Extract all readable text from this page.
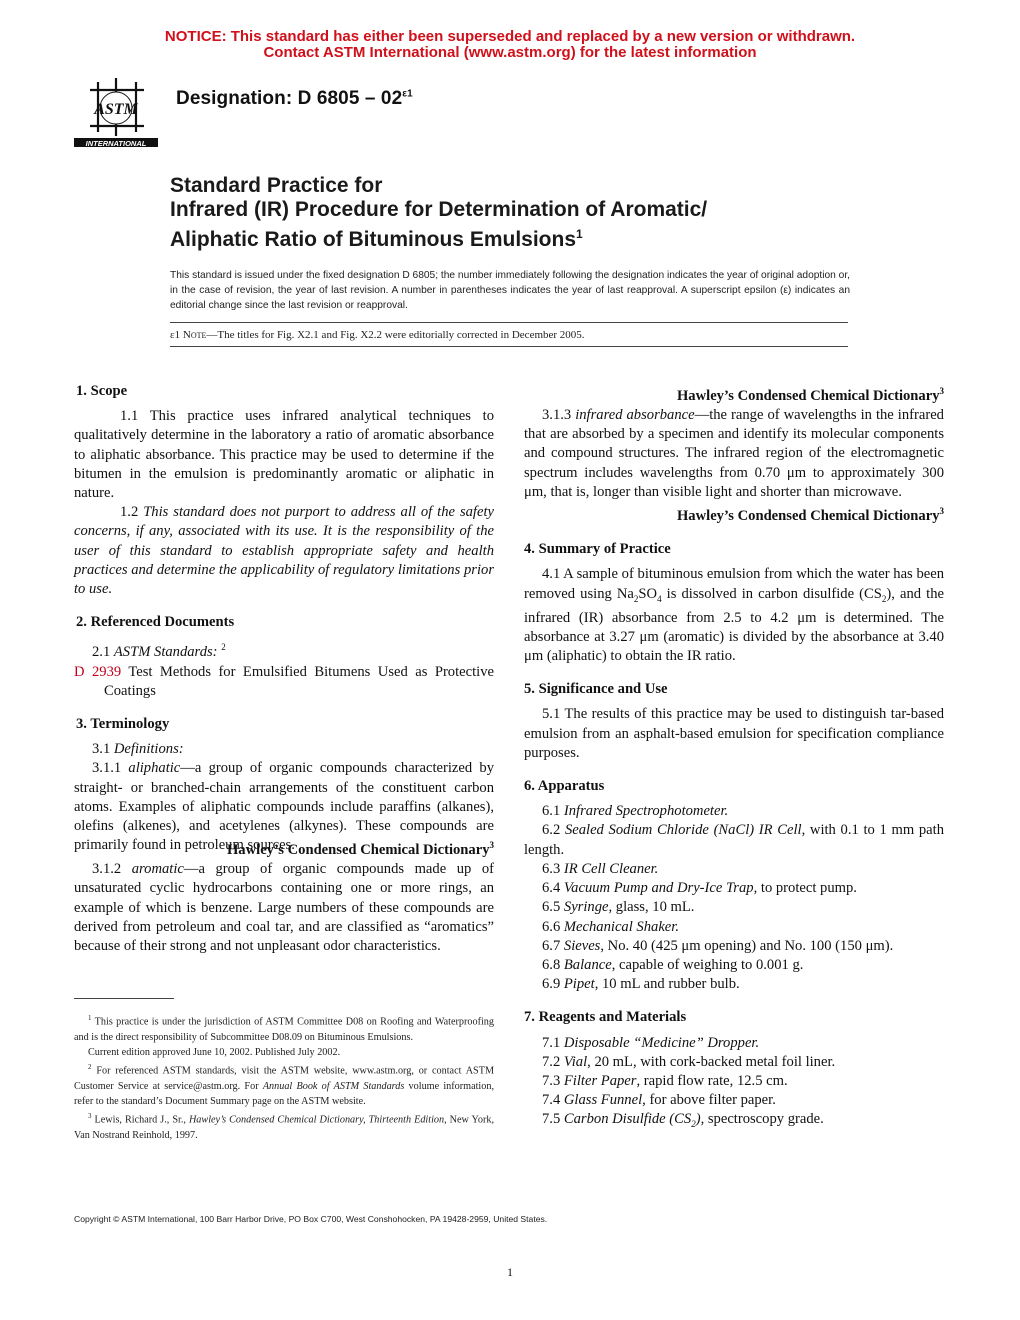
NOTICE: This standard has either been superseded and replaced by a new version or withdrawn.
Contact ASTM International (www.astm.org) for the latest information
ASTM
INTERNATIONAL
Designation: D $6805 - 02^{\varepsilon 1}$
Standard Practice for
Infrared (IR) Procedure for Determination of Aromatic/
Aliphatic Ratio of Bituminous Emulsions$^1$
This standard is issued under the fixed designation D 6805; the number immediately following the designation indicates the year of original adoption or, in the case of revision, the year of last revision. A number in parentheses indicates the year of last reapproval. A superscript epsilon (ε) indicates an editorial change since the last revision or reapproval.
ε1 Note—The titles for Fig. X2.1 and Fig. X2.2 were editorially corrected in December 2005.

1. Scope

1.1 This practice uses infrared analytical techniques to qualitatively determine in the laboratory a ratio of aromatic absorbance to aliphatic absorbance. This practice may be used to determine if the bitumen in the emulsion is predominantly aromatic or aliphatic in nature.

1.2 This standard does not purport to address all of the safety concerns, if any, associated with its use. It is the responsibility of the user of this standard to establish appropriate safety and health practices and determine the applicability of regulatory limitations prior to use.

2. Referenced Documents

2.1 ASTM Standards: $^2$

D 2939 Test Methods for Emulsified Bitumens Used as Protective Coatings

3. Terminology

3.1 Definitions:

3.1.1 aliphatic—a group of organic compounds characterized by straight- or branched-chain arrangements of the constituent carbon atoms. Examples of aliphatic compounds include paraffins (alkanes), olefins (alkenes), and acetylenes (alkynes). These compounds are primarily found in petroleum sources.

Hawley’s Condensed Chemical Dictionary$^3$

3.1.2 aromatic—a group of organic compounds made up of unsaturated cyclic hydrocarbons containing one or more rings, an example of which is benzene. Large numbers of these compounds are derived from petroleum and coal tar, and are classified as “aromatics” because of their strong and not unpleasant odor characteristics.

$^1$ This practice is under the jurisdiction of ASTM Committee D08 on Roofing and Waterproofing and is the direct responsibility of Subcommittee D08.09 on Bituminous Emulsions.

Current edition approved June 10, 2002. Published July 2002.

$^2$ For referenced ASTM standards, visit the ASTM website, www.astm.org, or contact ASTM Customer Service at service@astm.org. For Annual Book of ASTM Standards volume information, refer to the standard’s Document Summary page on the ASTM website.

$^3$ Lewis, Richard J., Sr., Hawley’s Condensed Chemical Dictionary, Thirteenth Edition, New York, Van Nostrand Reinhold, 1997.

Hawley’s Condensed Chemical Dictionary$^3$

3.1.3 infrared absorbance—the range of wavelengths in the infrared that are absorbed by a specimen and identify its molecular components and compound structures. The infrared region of the electromagnetic spectrum includes wavelengths from 0.70 μm to approximately 300 μm, that is, longer than visible light and shorter than microwave.

Hawley’s Condensed Chemical Dictionary$^3$

4. Summary of Practice

4.1 A sample of bituminous emulsion from which the water has been removed using $Na_2SO_4$ is dissolved in carbon disulfide $(CS_2)$, and the infrared (IR) absorbance from 2.5 to 4.2 μm is determined. The absorbance at 3.27 μm (aromatic) is divided by the absorbance at 3.40 μm (aliphatic) to obtain the IR ratio.

5. Significance and Use

5.1 The results of this practice may be used to distinguish tar-based emulsion from an asphalt-based emulsion for specification compliance purposes.

6. Apparatus

6.1 Infrared Spectrophotometer.

6.2 Sealed Sodium Chloride (NaCl) IR Cell, with 0.1 to 1 mm path length.

6.3 IR Cell Cleaner.

6.4 Vacuum Pump and Dry-Ice Trap, to protect pump.

6.5 Syringe, glass, 10 mL.

6.6 Mechanical Shaker.

6.7 Sieves, No. 40 (425 μm opening) and No. 100 (150 μm).

6.8 Balance, capable of weighing to 0.001 g.

6.9 Pipet, 10 mL and rubber bulb.

7. Reagents and Materials

7.1 Disposable “Medicine” Dropper.

7.2 Vial, 20 mL, with cork-backed metal foil liner.

7.3 Filter Paper, rapid flow rate, 12.5 cm.

7.4 Glass Funnel, for above filter paper.

7.5 Carbon Disulfide $(CS_2)$, spectroscopy grade.

Copyright © ASTM International, 100 Barr Harbor Drive, PO Box C700, West Conshohocken, PA 19428-2959, United States.
1
